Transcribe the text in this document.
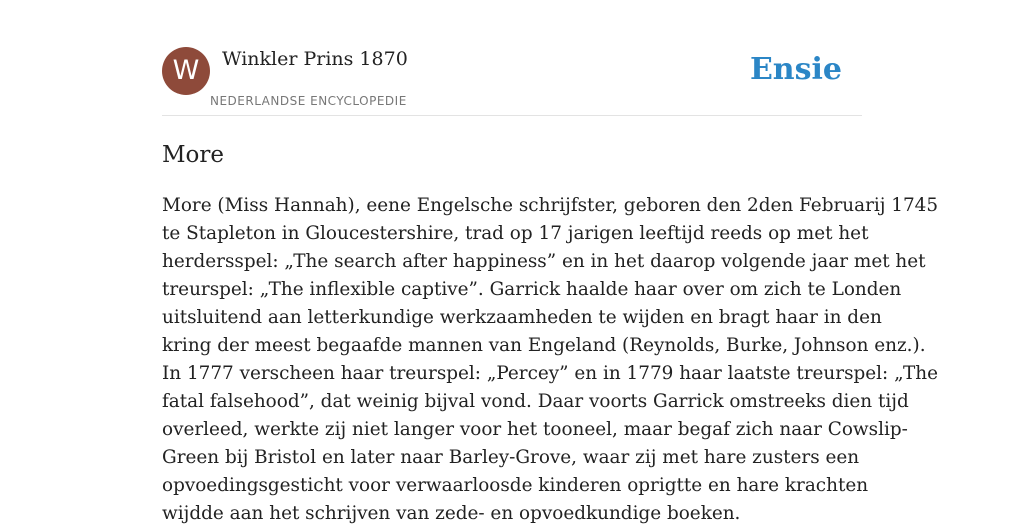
W	Winkler Prins 1870
NEDERLANDSE ENCYCLOPEDIE
Ensie
More

More (Miss Hannah), eene Engelsche schrijfster, geboren den 2den Februarij 1745
te Stapleton in Gloucestershire, trad op 17 jarigen leeftijd reeds op met het
herdersspel: „The search after happiness” en in het daarop volgende jaar met het
treurspel: „The inflexible captive”. Garrick haalde haar over om zich te Londen
uitsluitend aan letterkundige werkzaamheden te wijden en bragt haar in den
kring der meest begaafde mannen van Engeland (Reynolds, Burke, Johnson enz.).
In 1777 verscheen haar treurspel: „Percey” en in 1779 haar laatste treurspel: „The
fatal falsehood”, dat weinig bijval vond. Daar voorts Garrick omstreeks dien tijd
overleed, werkte zij niet langer voor het tooneel, maar begaf zich naar Cowslip-
Green bij Bristol en later naar Barley-Grove, waar zij met hare zusters een
opvoedingsgesticht voor verwaarloosde kinderen oprigtte en hare krachten
wijdde aan het schrijven van zede- en opvoedkundige boeken.
